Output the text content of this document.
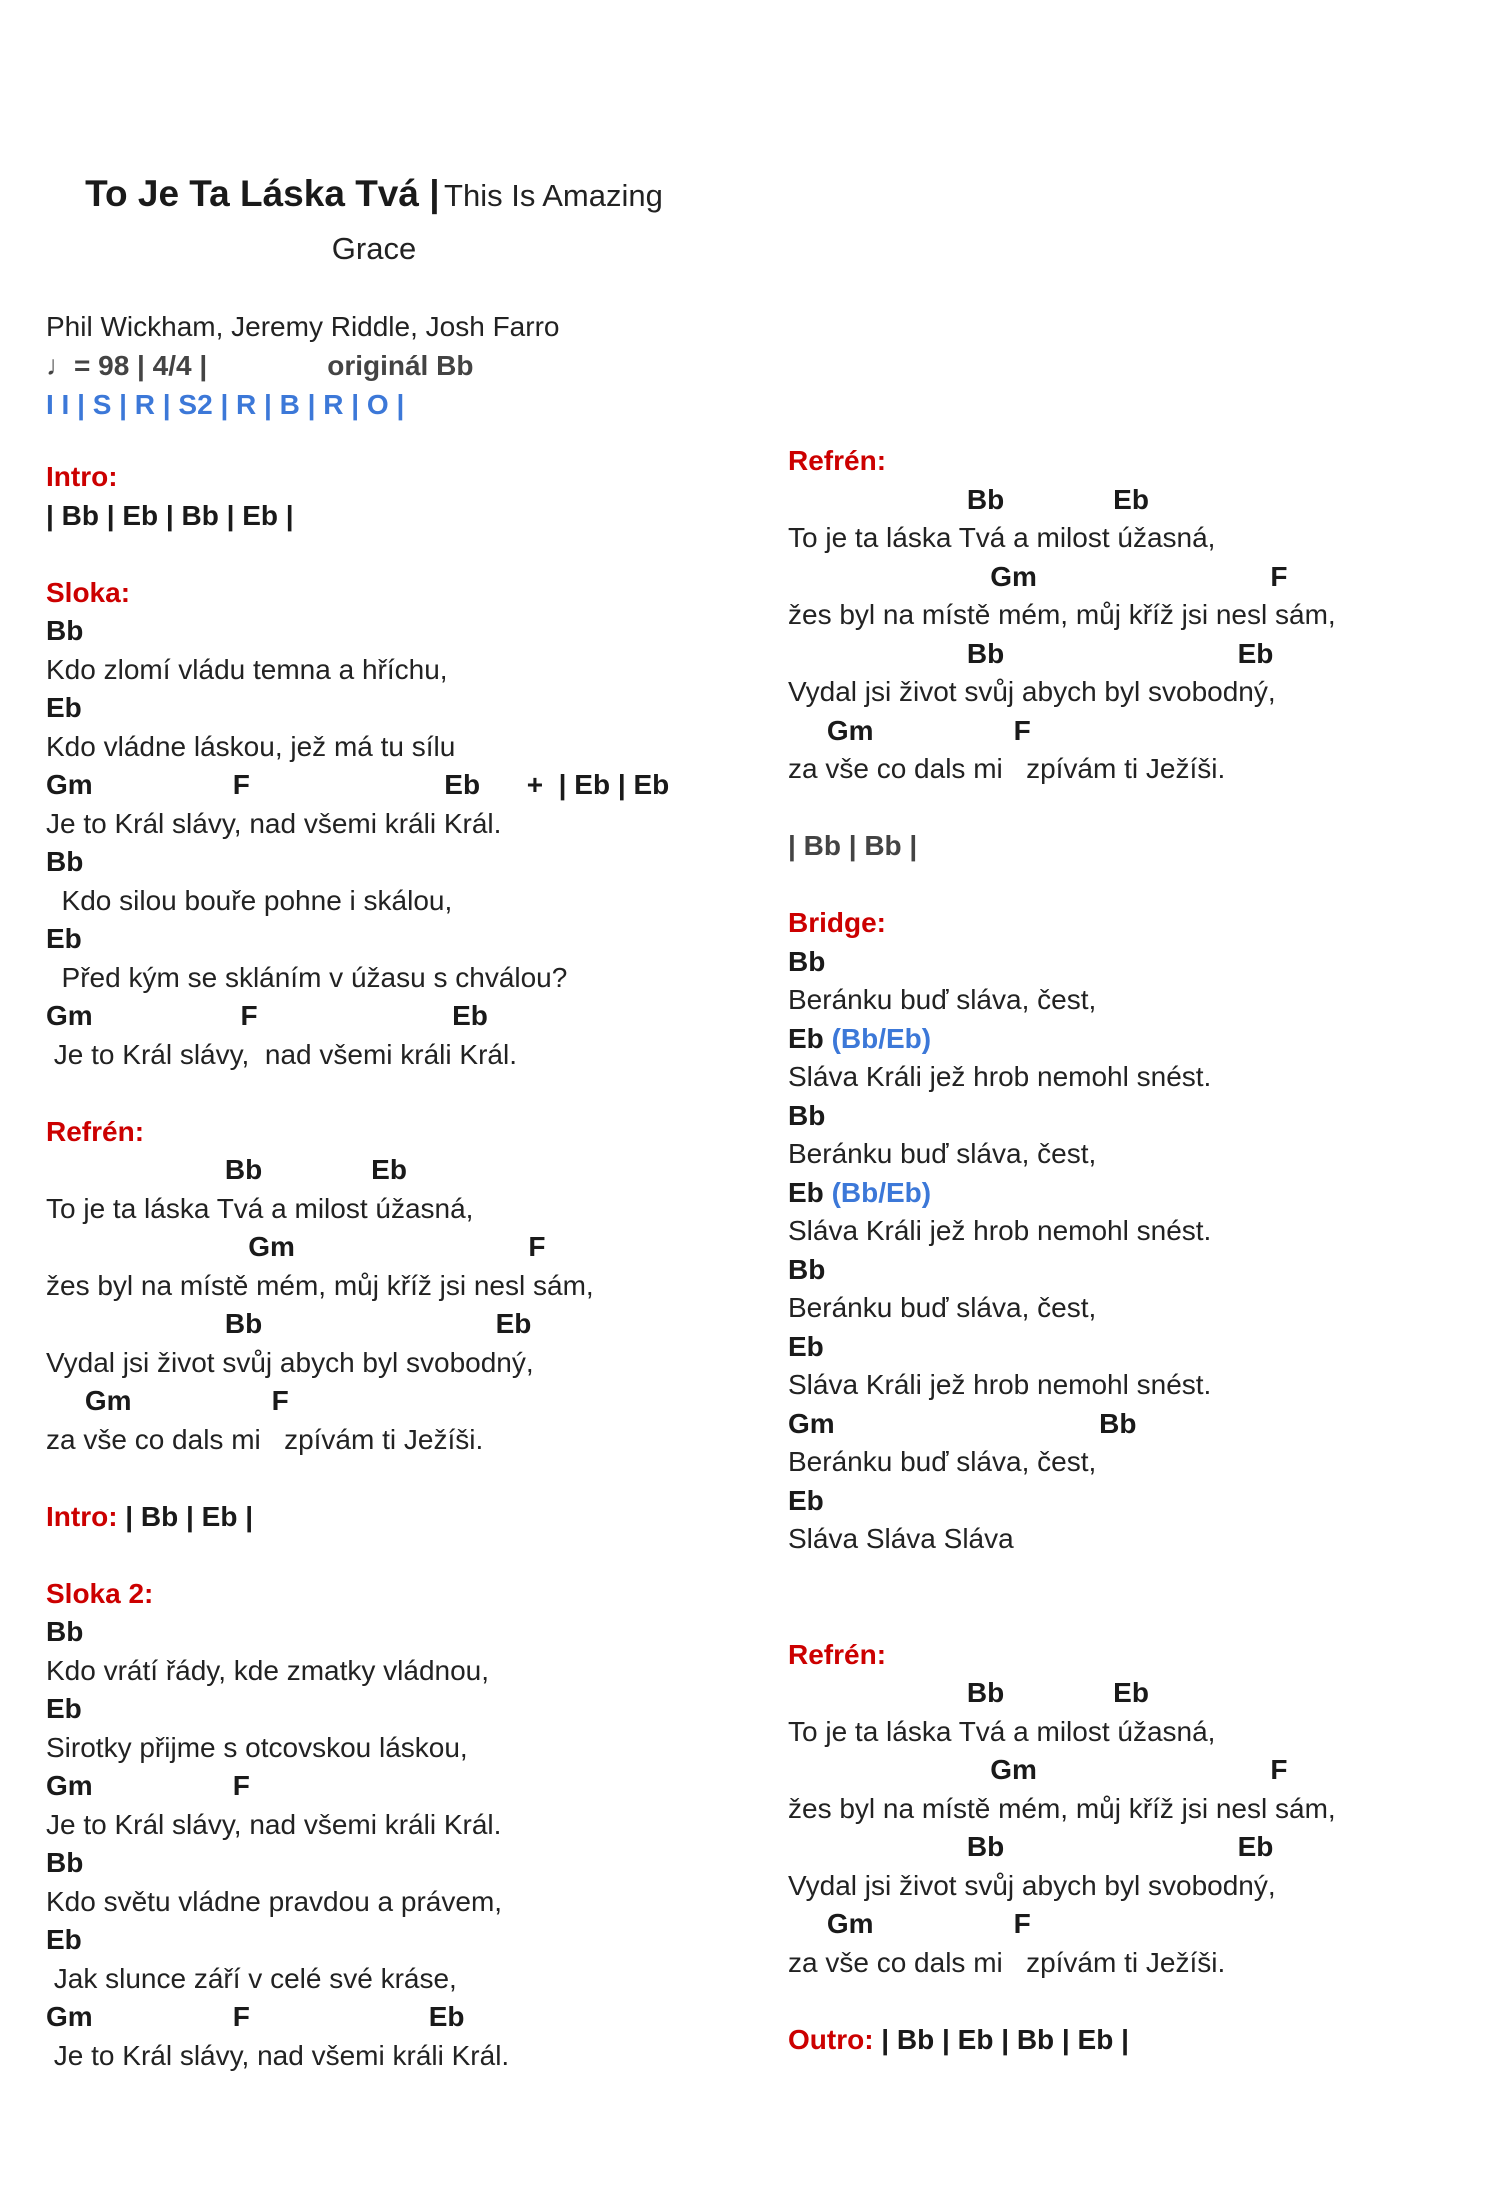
To Je Ta Láska Tvá | This Is Amazing
Grace
Phil Wickham, Jeremy Riddle, Josh Farro
♩= 98 | 4/4 |	originál Bb
I I | S | R | S2 | R | B | R | O |
Intro:
| Bb | Eb | Bb | Eb |
Sloka:
Bb
Kdo zlomí vládu temna a hříchu,
Eb
Kdo vládne láskou, jež má tu sílu
Gm                  F                         Eb      +  | Eb | Eb
Je to Král slávy, nad všemi králi Král.
Bb
Kdo silou bouře pohne i skálou,
Eb
Před kým se skláním v úžasu s chválou?
Gm                   F                         Eb
Je to Král slávy,  nad všemi králi Král.
Refrén:
Bb              Eb
To je ta láska Tvá a milost úžasná,
Gm                              F
žes byl na místě mém, můj kříž jsi nesl sám,
Bb                              Eb
Vydal jsi život svůj abych byl svobodný,
Gm                  F
za vše co dals mi   zpívám ti Ježíši.
Intro: | Bb | Eb |
Sloka 2:
Bb
Kdo vrátí řády, kde zmatky vládnou,
Eb
Sirotky přijme s otcovskou láskou,
Gm                  F
Je to Král slávy, nad všemi králi Král.
Bb
Kdo světu vládne pravdou a právem,
Eb
Jak slunce září v celé své kráse,
Gm                  F                       Eb
Je to Král slávy, nad všemi králi Král.
Refrén:
Bb              Eb
To je ta láska Tvá a milost úžasná,
Gm                              F
žes byl na místě mém, můj kříž jsi nesl sám,
Bb                              Eb
Vydal jsi život svůj abych byl svobodný,
Gm                  F
za vše co dals mi   zpívám ti Ježíši.
| Bb | Bb |
Bridge:
Bb
Beránku buď sláva, čest,
Eb (Bb/Eb)
Sláva Králi jež hrob nemohl snést.
Bb
Beránku buď sláva, čest,
Eb (Bb/Eb)
Sláva Králi jež hrob nemohl snést.
Bb
Beránku buď sláva, čest,
Eb
Sláva Králi jež hrob nemohl snést.
Gm                                  Bb
Beránku buď sláva, čest,
Eb
Sláva Sláva Sláva
Refrén:
Bb              Eb
To je ta láska Tvá a milost úžasná,
Gm                              F
žes byl na místě mém, můj kříž jsi nesl sám,
Bb                              Eb
Vydal jsi život svůj abych byl svobodný,
Gm                  F
za vše co dals mi   zpívám ti Ježíši.
Outro: | Bb | Eb | Bb | Eb |
